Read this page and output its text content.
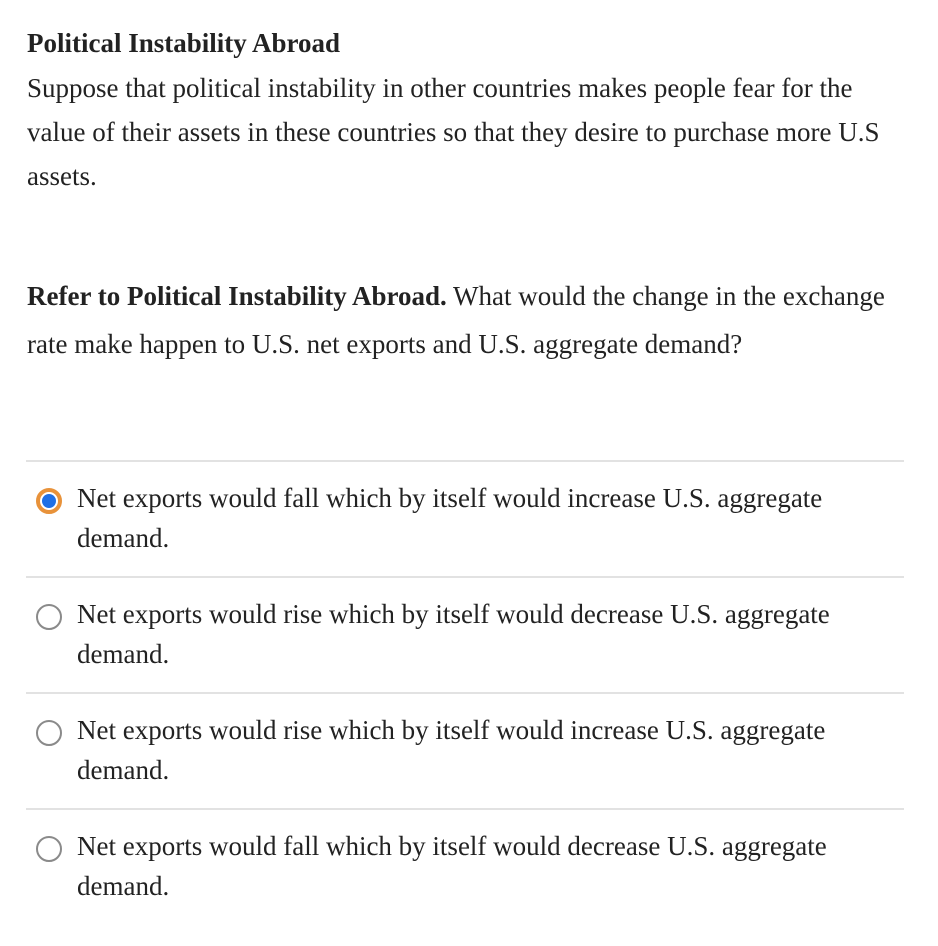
Political Instability Abroad

Suppose that political instability in other countries makes people fear for the value of their assets in these countries so that they desire to purchase more U.S assets.

Refer to Political Instability Abroad. What would the change in the exchange rate make happen to U.S. net exports and U.S. aggregate demand?

Net exports would fall which by itself would increase U.S. aggregate demand.
Net exports would rise which by itself would decrease U.S. aggregate demand.
Net exports would rise which by itself would increase U.S. aggregate demand.
Net exports would fall which by itself would decrease U.S. aggregate demand.
